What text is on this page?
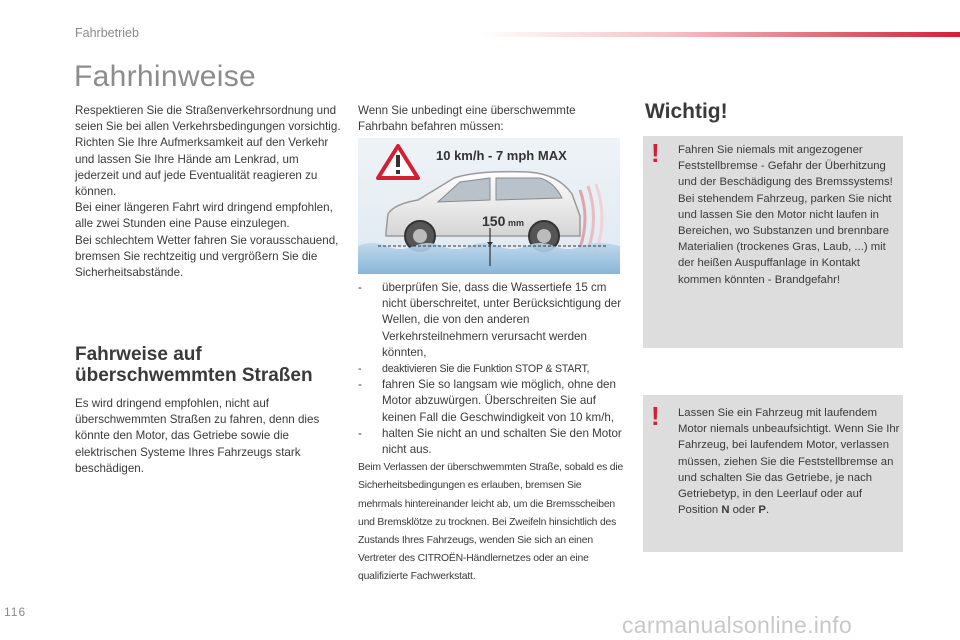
Fahrbetrieb
Fahrhinweise

Respektieren Sie die Straßenverkehrsordnung und seien Sie bei allen Verkehrsbedingungen vorsichtig.

Richten Sie Ihre Aufmerksamkeit auf den Verkehr und lassen Sie Ihre Hände am Lenkrad, um jederzeit und auf jede Eventualität reagieren zu können.

Bei einer längeren Fahrt wird dringend empfohlen, alle zwei Stunden eine Pause einzulegen.

Bei schlechtem Wetter fahren Sie vorausschauend, bremsen Sie rechtzeitig und vergrößern Sie die Sicherheitsabstände.

Fahrweise auf
überschwemmten Straßen
Es wird dringend empfohlen, nicht auf überschwemmten Straßen zu fahren, denn dies könnte den Motor, das Getriebe sowie die elektrischen Systeme Ihres Fahrzeugs stark beschädigen.
Wenn Sie unbedingt eine überschwemmte Fahrbahn befahren müssen:
10 km/h - 7 mph MAX
150 mm
- überprüfen Sie, dass die Wassertiefe 15 cm nicht überschreitet, unter Berücksichtigung der Wellen, die von den anderen Verkehrsteilnehmern verursacht werden könnten,
- deaktivieren Sie die Funktion STOP & START,
- fahren Sie so langsam wie möglich, ohne den Motor abzuwürgen. Überschreiten Sie auf keinen Fall die Geschwindigkeit von 10 km/h,
- halten Sie nicht an und schalten Sie den Motor nicht aus.
Beim Verlassen der überschwemmten Straße, sobald es die Sicherheitsbedingungen es erlauben, bremsen Sie mehrmals hintereinander leicht ab, um die Bremsscheiben und Bremsklötze zu trocknen. Bei Zweifeln hinsichtlich des Zustands Ihres Fahrzeugs, wenden Sie sich an einen Vertreter des CITROËN-Händlernetzes oder an eine qualifizierte Fachwerkstatt.
Wichtig!
! Fahren Sie niemals mit angezogener Feststellbremse - Gefahr der Überhitzung und der Beschädigung des Bremssystems! Bei stehendem Fahrzeug, parken Sie nicht und lassen Sie den Motor nicht laufen in Bereichen, wo Substanzen und brennbare Materialien (trockenes Gras, Laub, ...) mit der heißen Auspuffanlage in Kontakt kommen könnten - Brandgefahr!
! Lassen Sie ein Fahrzeug mit laufendem Motor niemals unbeaufsichtigt. Wenn Sie Ihr Fahrzeug, bei laufendem Motor, verlassen müssen, ziehen Sie die Feststellbremse an und schalten Sie das Getriebe, je nach Getriebetyp, in den Leerlauf oder auf Position N oder P.
116	carmanualsonline.info
